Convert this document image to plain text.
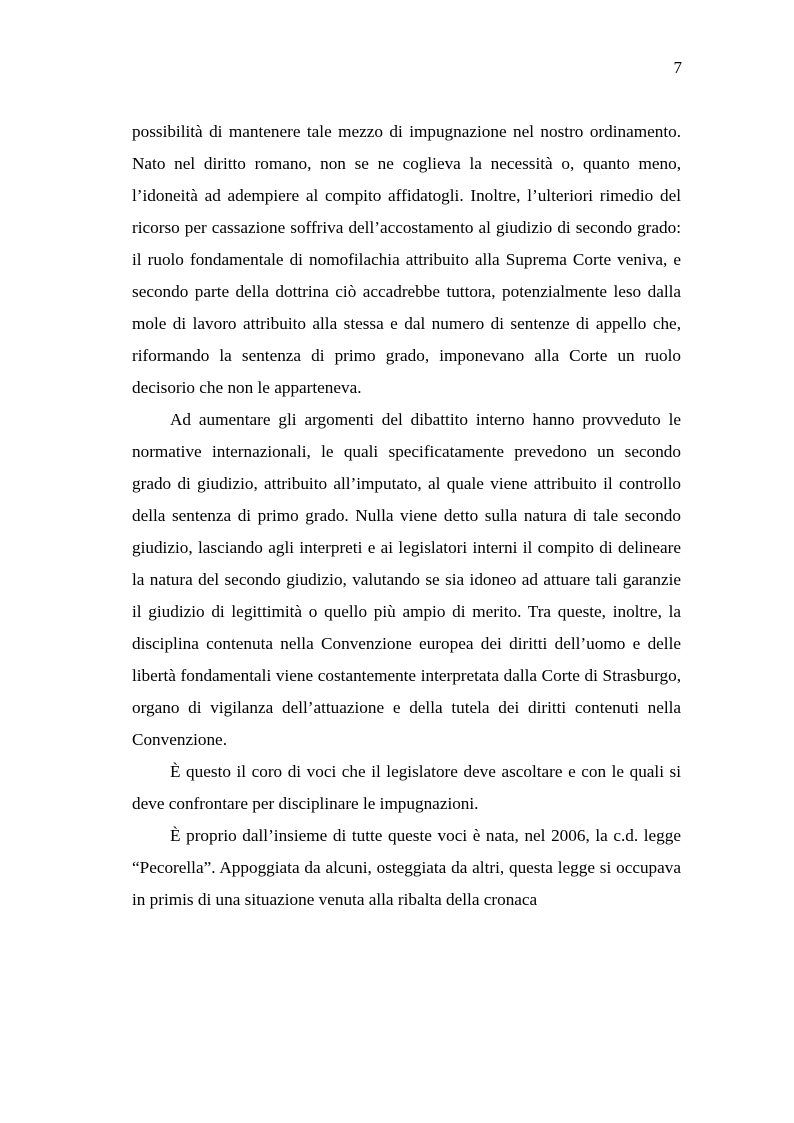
7

possibilità di mantenere tale mezzo di impugnazione nel nostro ordinamento. Nato nel diritto romano, non se ne coglieva la necessità o, quanto meno, l’idoneità ad adempiere al compito affidatogli. Inoltre, l’ulteriori rimedio del ricorso per cassazione soffriva dell’accostamento al giudizio di secondo grado: il ruolo fondamentale di nomofilachia attribuito alla Suprema Corte veniva, e secondo parte della dottrina ciò accadrebbe tuttora, potenzialmente leso dalla mole di lavoro attribuito alla stessa e dal numero di sentenze di appello che, riformando la sentenza di primo grado, imponevano alla Corte un ruolo decisorio che non le apparteneva.

Ad aumentare gli argomenti del dibattito interno hanno provveduto le normative internazionali, le quali specificatamente prevedono un secondo grado di giudizio, attribuito all’imputato, al quale viene attribuito il controllo della sentenza di primo grado. Nulla viene detto sulla natura di tale secondo giudizio, lasciando agli interpreti e ai legislatori interni il compito di delineare la natura del secondo giudizio, valutando se sia idoneo ad attuare tali garanzie il giudizio di legittimità o quello più ampio di merito. Tra queste, inoltre, la disciplina contenuta nella Convenzione europea dei diritti dell’uomo e delle libertà fondamentali viene costantemente interpretata dalla Corte di Strasburgo, organo di vigilanza dell’attuazione e della tutela dei diritti contenuti nella Convenzione.

È questo il coro di voci che il legislatore deve ascoltare e con le quali si deve confrontare per disciplinare le impugnazioni.

È proprio dall’insieme di tutte queste voci è nata, nel 2006, la c.d. legge “Pecorella”. Appoggiata da alcuni, osteggiata da altri, questa legge si occupava in primis di una situazione venuta alla ribalta della cronaca
